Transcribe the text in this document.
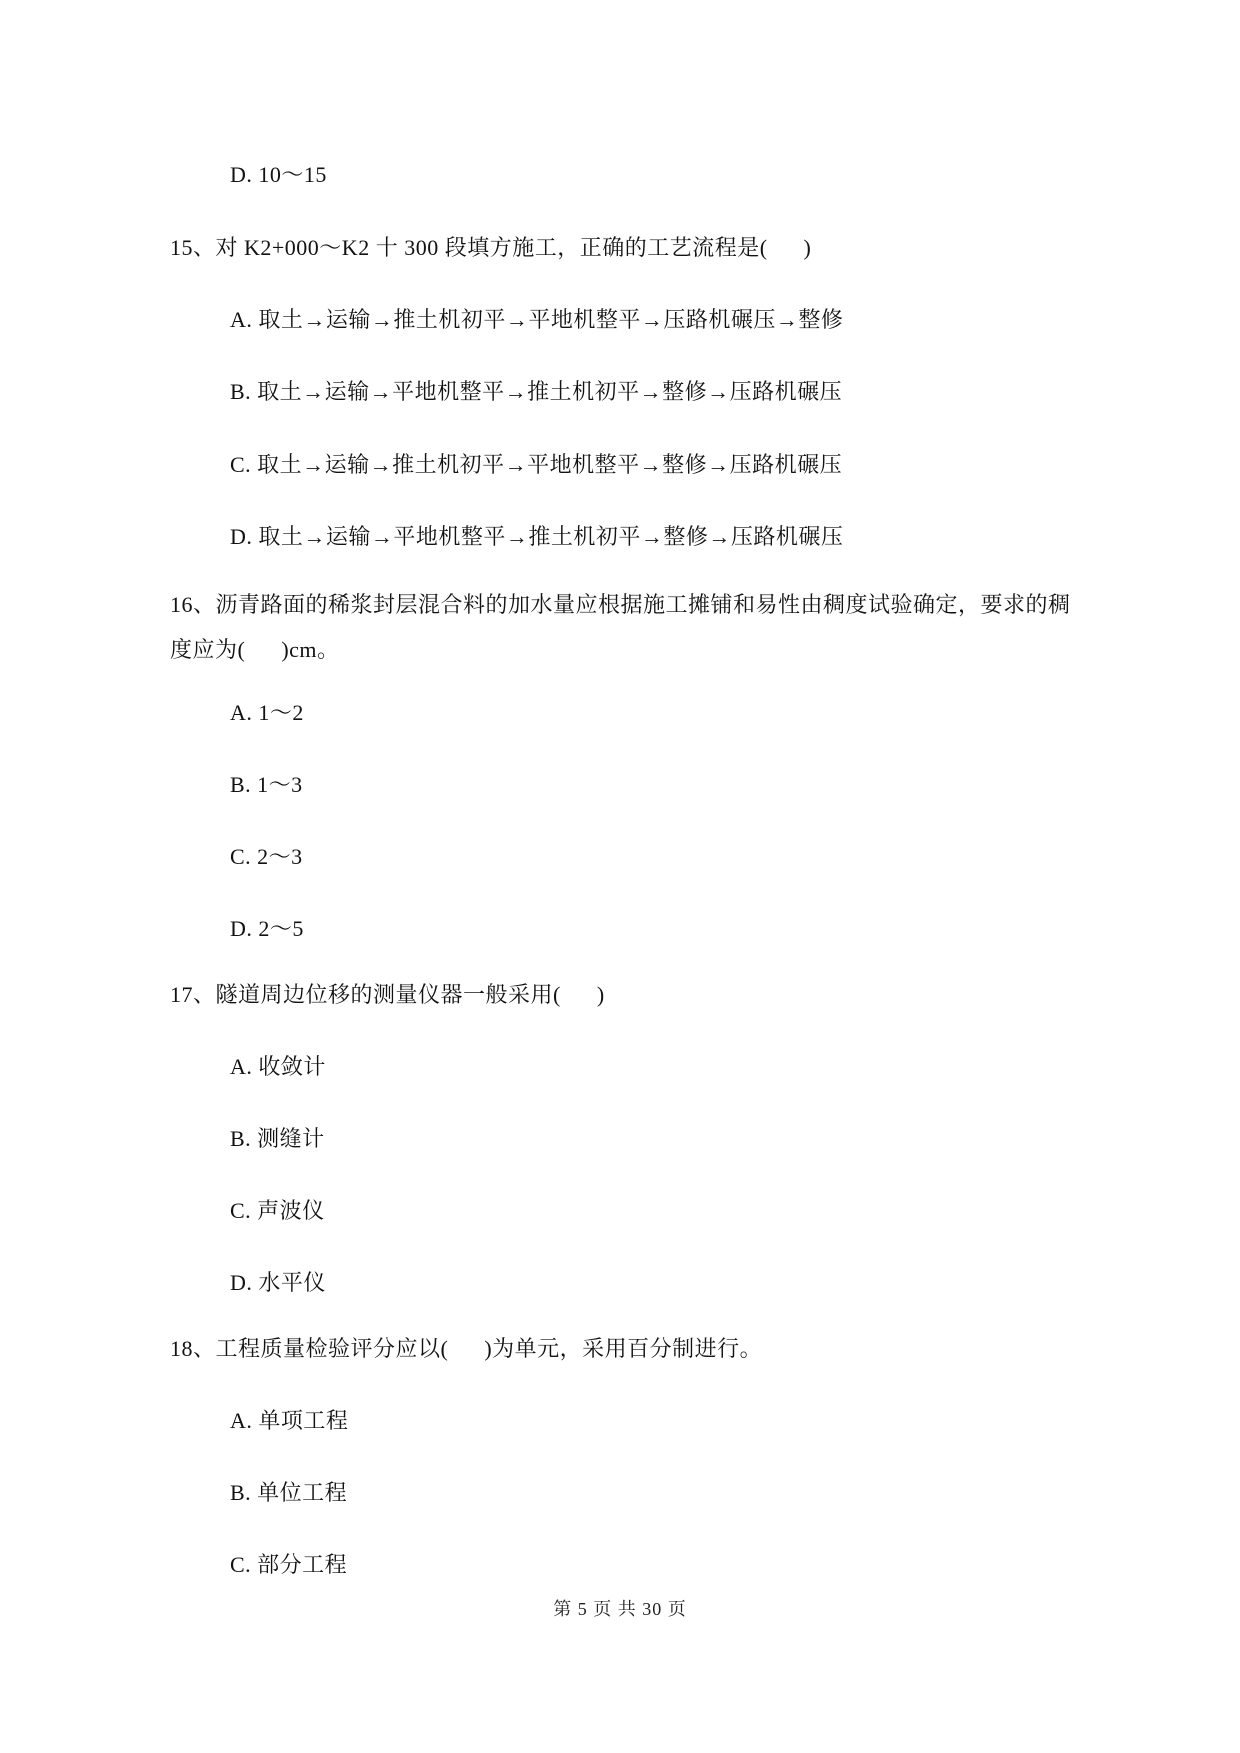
D. 10～15
15、对 K2+000～K2 十 300 段填方施工，正确的工艺流程是(      )
A. 取土→运输→推土机初平→平地机整平→压路机碾压→整修
B. 取土→运输→平地机整平→推土机初平→整修→压路机碾压
C. 取土→运输→推土机初平→平地机整平→整修→压路机碾压
D. 取土→运输→平地机整平→推土机初平→整修→压路机碾压
16、沥青路面的稀浆封层混合料的加水量应根据施工摊铺和易性由稠度试验确定，要求的稠度应为(      )cm。
A. 1～2
B. 1～3
C. 2～3
D. 2～5
17、隧道周边位移的测量仪器一般采用(      )
A. 收敛计
B. 测缝计
C. 声波仪
D. 水平仪
18、工程质量检验评分应以(      )为单元，采用百分制进行。
A. 单项工程
B. 单位工程
C. 部分工程
第 5 页 共 30 页
